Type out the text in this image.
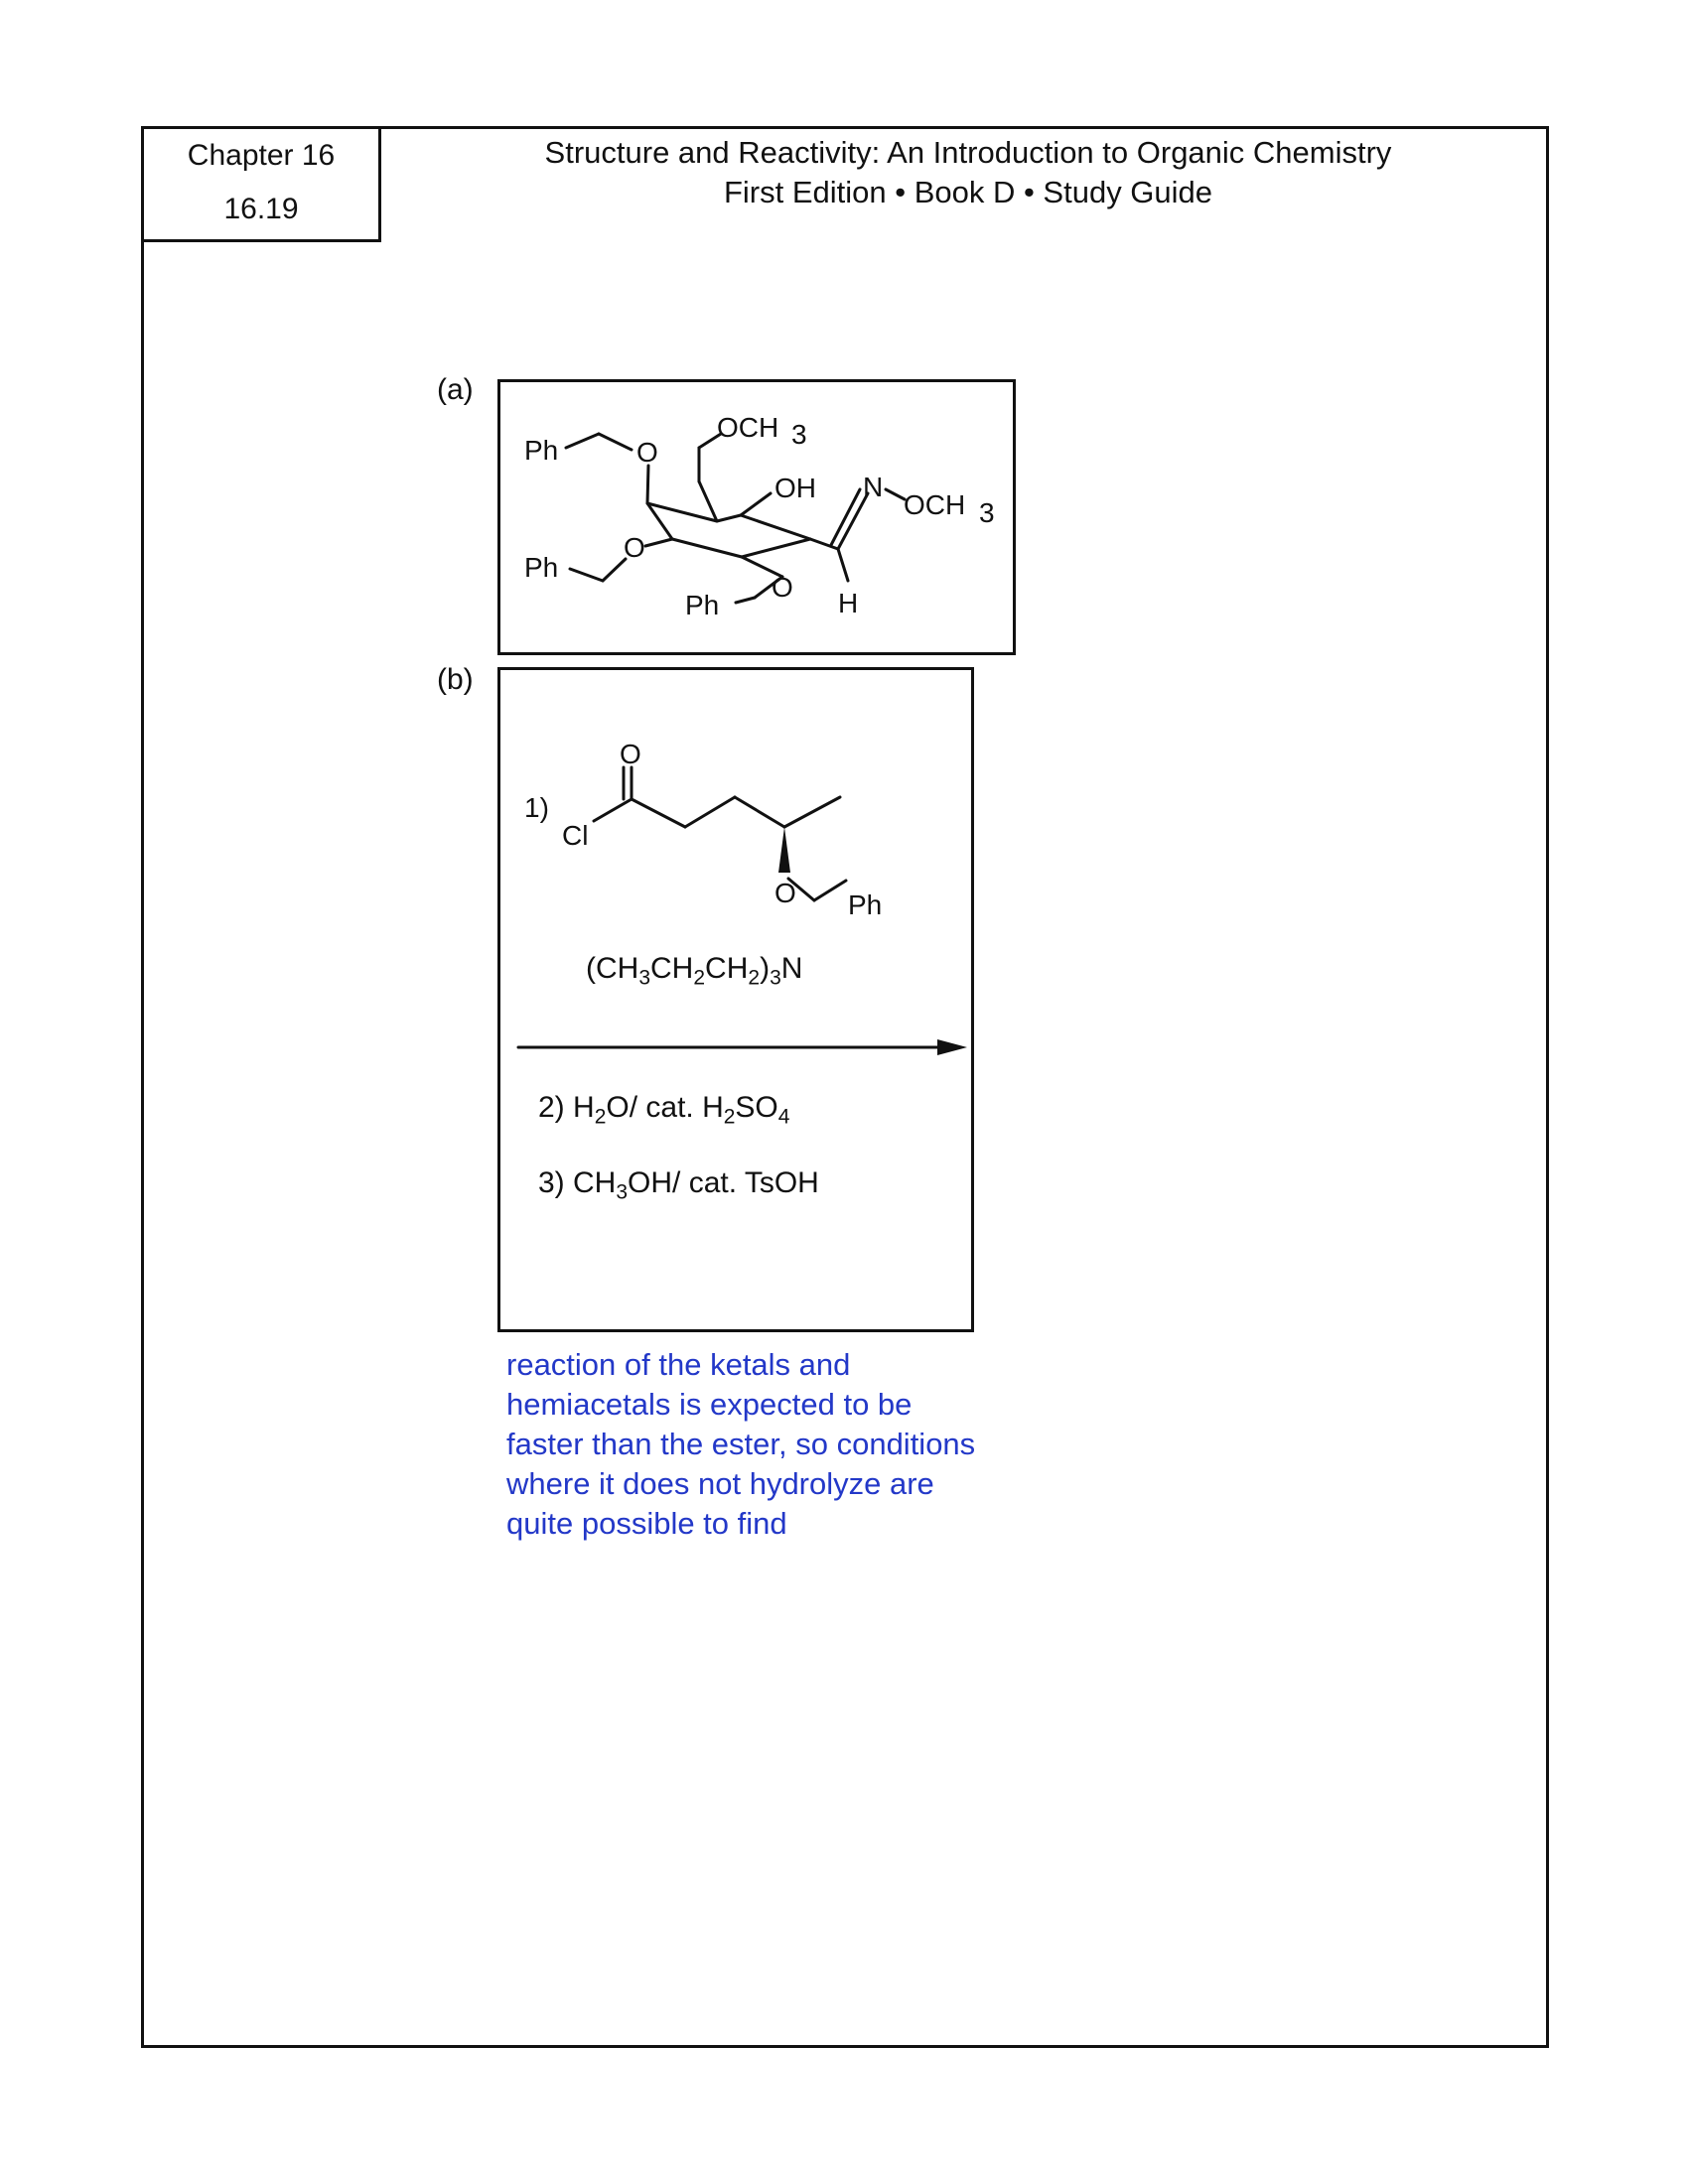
Chapter 16
16.19
Structure and Reactivity: An Introduction to Organic Chemistry
First Edition • Book D • Study Guide
(a)
Ph	O
OCH 3
OH N
OCH 3
Ph
O
Ph
O
H
(b)
1)
O
Cl
O Ph
$(CH_3CH_2CH_2)_3N$
2) $H_2O/$ cat. $H_2SO_4$
3) $CH_3OH/$ cat. TsOH
reaction of the ketals and
hemiacetals is expected to be
faster than the ester, so conditions
where it does not hydrolyze are
quite possible to find
